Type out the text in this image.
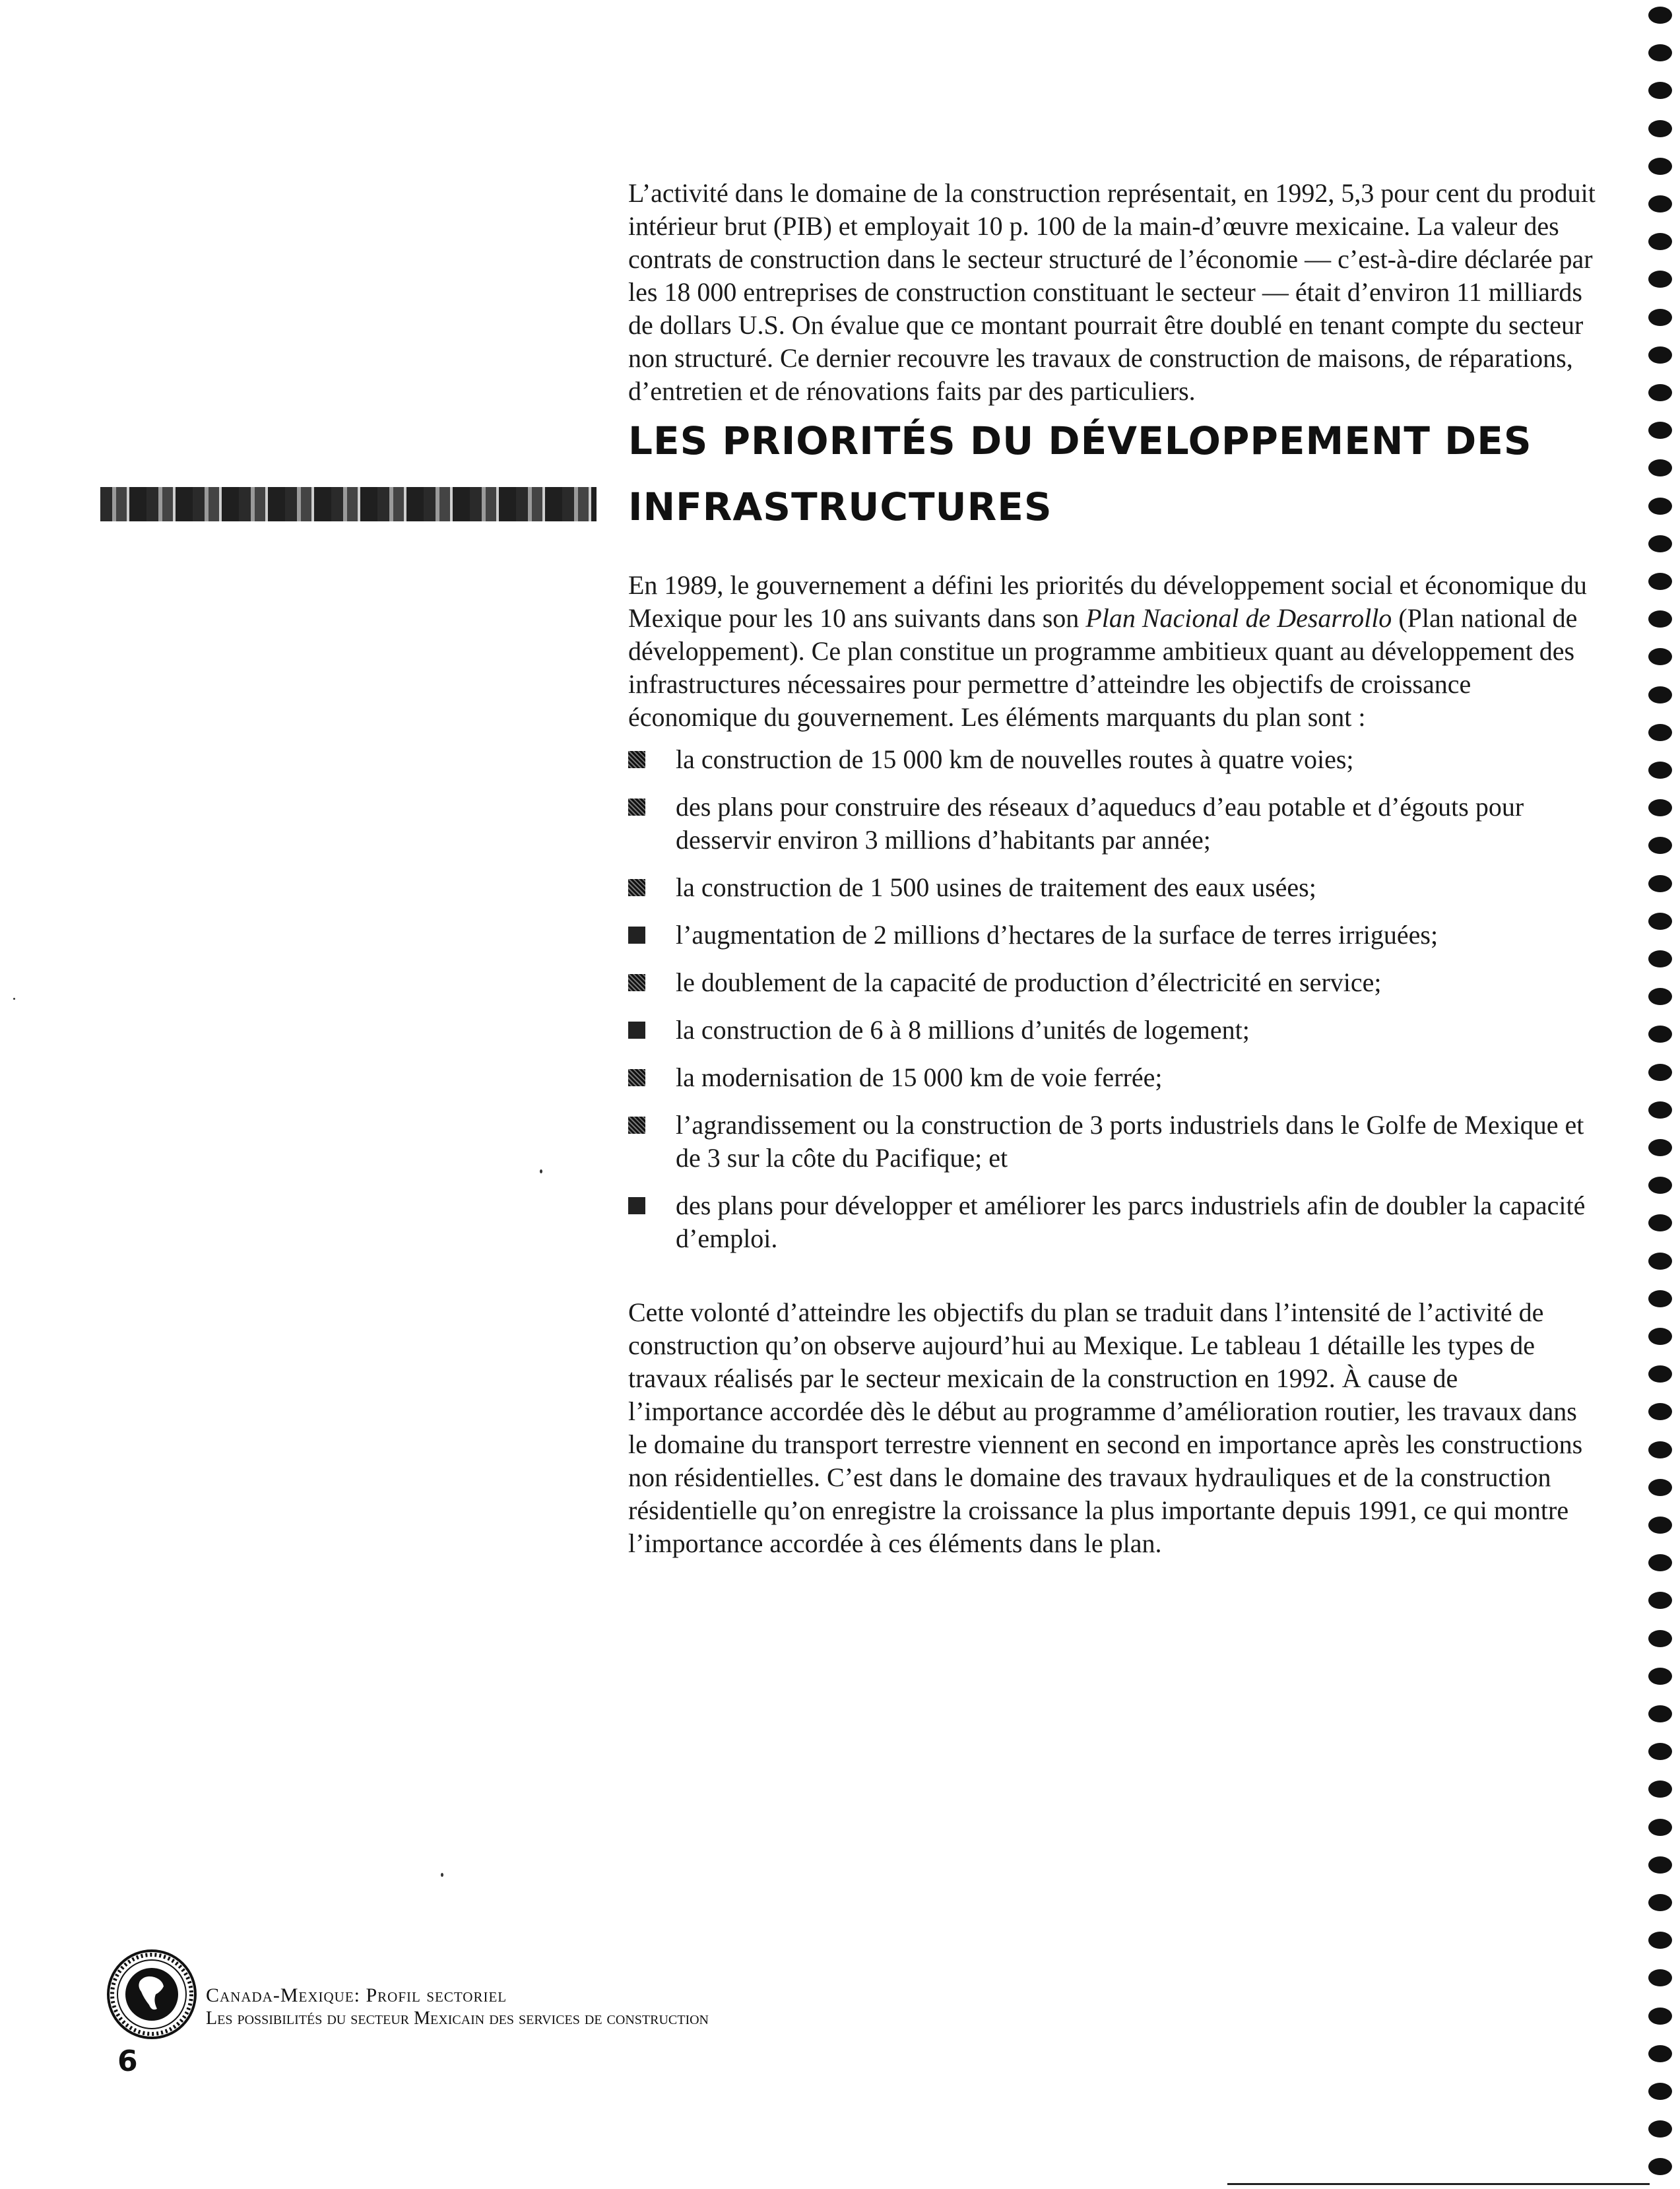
L’activité dans le domaine de la construction représentait, en 1992, 5,3 pour cent du produit intérieur brut (PIB) et employait 10 p. 100 de la main-d’œuvre mexicaine. La valeur des contrats de construction dans le secteur structuré de l’économie — c’est-à-dire déclarée par les 18 000 entreprises de construction constituant le secteur — était d’environ 11 milliards de dollars U.S. On évalue que ce montant pourrait être doublé en tenant compte du secteur non structuré. Ce dernier recouvre les travaux de construction de maisons, de réparations, d’entretien et de rénovations faits par des particuliers.

LES PRIORITÉS DU DÉVELOPPEMENT DES
INFRASTRUCTURES

En 1989, le gouvernement a défini les priorités du développement social et économique du Mexique pour les 10 ans suivants dans son Plan Nacional de Desarrollo (Plan national de développement). Ce plan constitue un programme ambitieux quant au développement des infrastructures nécessaires pour permettre d’atteindre les objectifs de croissance économique du gouvernement. Les éléments marquants du plan sont :

la construction de 15 000 km de nouvelles routes à quatre voies;
des plans pour construire des réseaux d’aqueducs d’eau potable et d’égouts pour desservir environ 3 millions d’habitants par année;
la construction de 1 500 usines de traitement des eaux usées;
l’augmentation de 2 millions d’hectares de la surface de terres irriguées;
le doublement de la capacité de production d’électricité en service;
la construction de 6 à 8 millions d’unités de logement;
la modernisation de 15 000 km de voie ferrée;
l’agrandissement ou la construction de 3 ports industriels dans le Golfe de Mexique et de 3 sur la côte du Pacifique; et
des plans pour développer et améliorer les parcs industriels afin de doubler la capacité d’emploi.

Cette volonté d’atteindre les objectifs du plan se traduit dans l’intensité de l’activité de construction qu’on observe aujourd’hui au Mexique. Le tableau 1 détaille les types de travaux réalisés par le secteur mexicain de la construction en 1992. À cause de l’importance accordée dès le début au programme d’amélioration routier, les travaux dans le domaine du transport terrestre viennent en second en importance après les constructions non résidentielles. C’est dans le domaine des travaux hydrauliques et de la construction résidentielle qu’on enregistre la croissance la plus importante depuis 1991, ce qui montre l’importance accordée à ces éléments dans le plan.

Canada-Mexique: Profil sectoriel
Les possibilités du secteur Mexicain des services de construction
6
